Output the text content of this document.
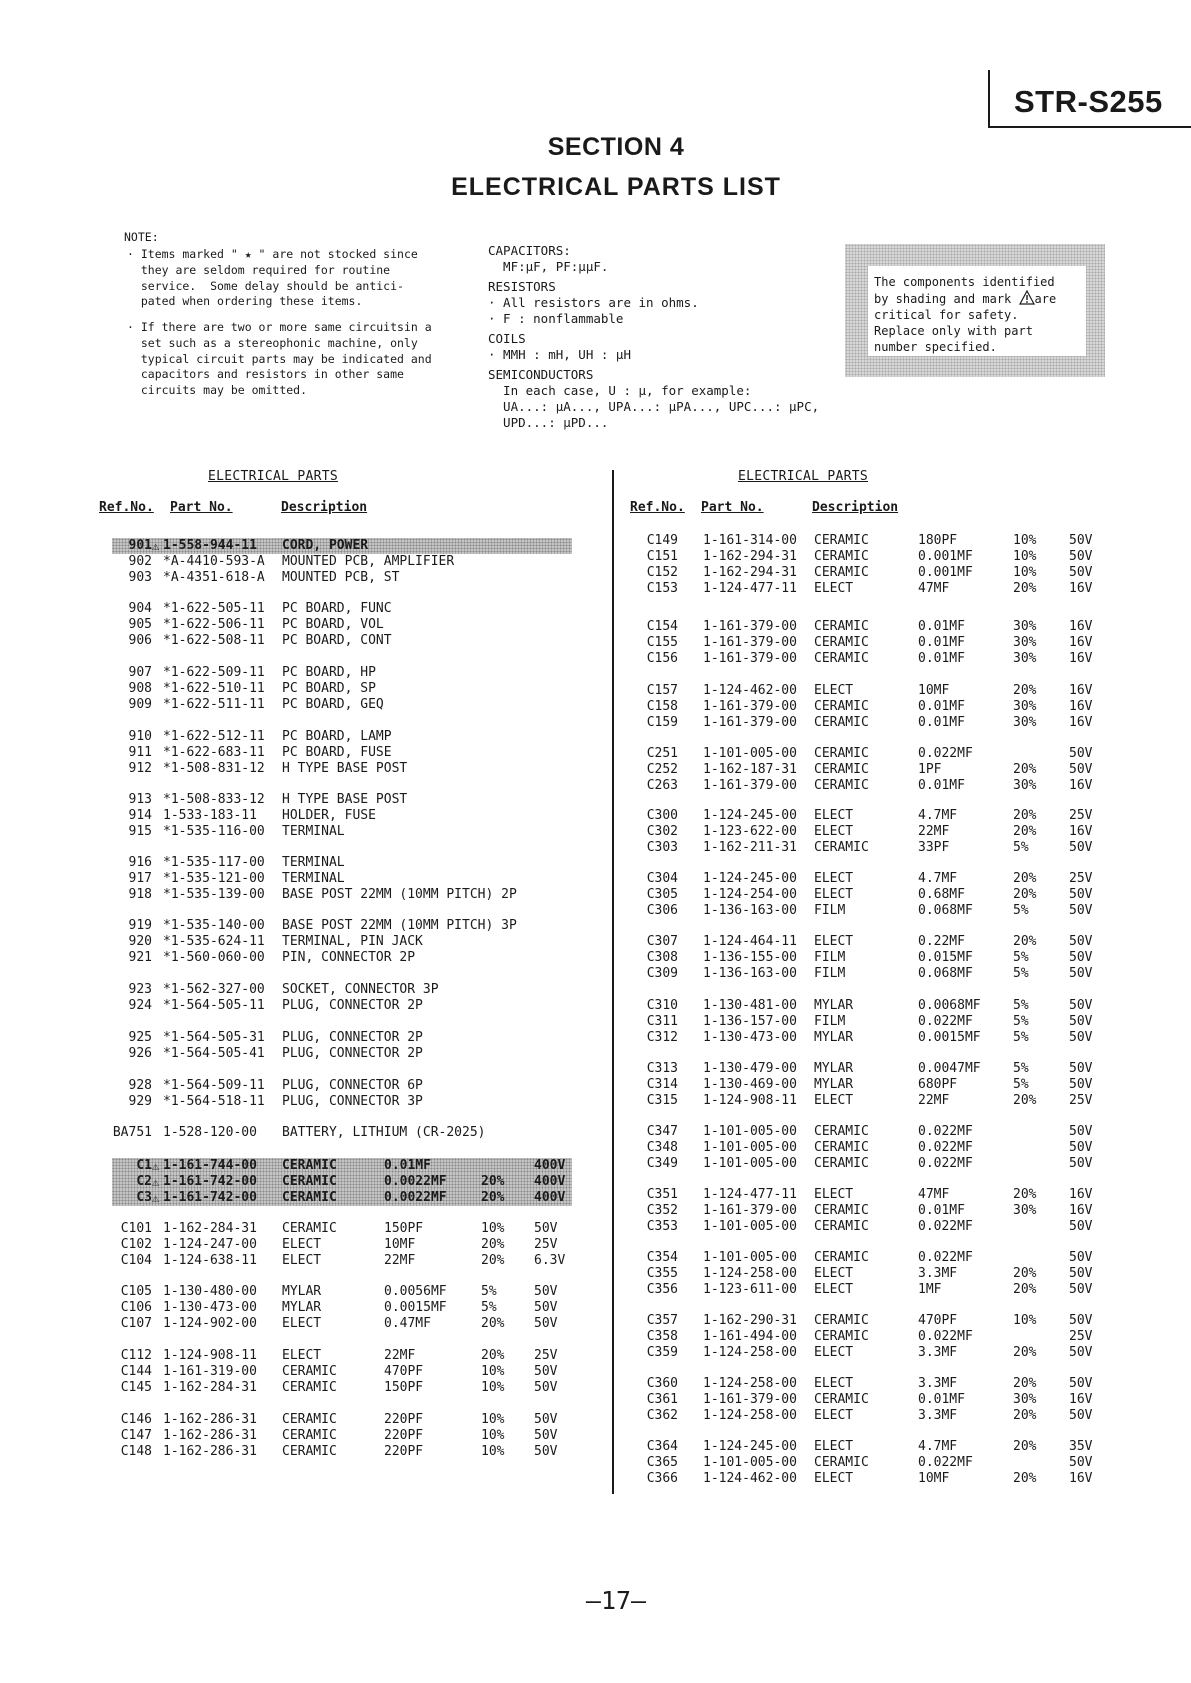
STR-S255
SECTION 4
ELECTRICAL PARTS LIST
NOTE:
· Items marked " ★ " are not stocked since
they are seldom required for routine
service.  Some delay should be antici-
pated when ordering these items.
· If there are two or more same circuitsin a
set such as a stereophonic machine, only
typical circuit parts may be indicated and
capacitors and resistors in other same
circuits may be omitted.
CAPACITORS:
MF:µF, PF:µµF.
RESISTORS
· All resistors are in ohms.
· F : nonflammable
COILS
· MMH : mH, UH : µH
SEMICONDUCTORS
In each case, U : µ, for example:
UA...: µA..., UPA...: µPA..., UPC...: µPC,
UPD...: µPD...
The components identified
by shading and mark are
critical for safety.
Replace only with part
number specified.
ELECTRICAL PARTS	ELECTRICAL PARTS
Ref.No. Part No.	Description	Ref.No. Part No.	Description
901 ⚠ 1-558-944-11 CORD, POWER
902 *A-4410-593-A MOUNTED PCB, AMPLIFIER
903 *A-4351-618-A MOUNTED PCB, ST
904 *1-622-505-11 PC BOARD, FUNC
905 *1-622-506-11 PC BOARD, VOL
906 *1-622-508-11 PC BOARD, CONT
907 *1-622-509-11 PC BOARD, HP
908 *1-622-510-11 PC BOARD, SP
909 *1-622-511-11 PC BOARD, GEQ
910 *1-622-512-11 PC BOARD, LAMP
911 *1-622-683-11 PC BOARD, FUSE
912 *1-508-831-12 H TYPE BASE POST
913 *1-508-833-12 H TYPE BASE POST
914 1-533-183-11 HOLDER, FUSE
915 *1-535-116-00 TERMINAL
916 *1-535-117-00 TERMINAL
917 *1-535-121-00 TERMINAL
918 *1-535-139-00 BASE POST 22MM (10MM PITCH) 2P
919 *1-535-140-00 BASE POST 22MM (10MM PITCH) 3P
920 *1-535-624-11 TERMINAL, PIN JACK
921 *1-560-060-00 PIN, CONNECTOR 2P
923 *1-562-327-00 SOCKET, CONNECTOR 3P
924 *1-564-505-11 PLUG, CONNECTOR 2P
925 *1-564-505-31 PLUG, CONNECTOR 2P
926 *1-564-505-41 PLUG, CONNECTOR 2P
928 *1-564-509-11 PLUG, CONNECTOR 6P
929 *1-564-518-11 PLUG, CONNECTOR 3P
BA751 1-528-120-00 BATTERY, LITHIUM (CR-2025)
C1 ⚠ 1-161-744-00 CERAMIC	0.01MF	400V
C2 ⚠ 1-161-742-00 CERAMIC	0.0022MF	20% 400V
C3 ⚠ 1-161-742-00 CERAMIC	0.0022MF	20% 400V
C101 1-162-284-31 CERAMIC	150PF	10% 50V
C102 1-124-247-00 ELECT	10MF	20% 25V
C104 1-124-638-11 ELECT	22MF	20% 6.3V
C105 1-130-480-00 MYLAR	0.0056MF	5%	50V
C106 1-130-473-00 MYLAR	0.0015MF	5%	50V
C107 1-124-902-00 ELECT	0.47MF	20% 50V
C112 1-124-908-11 ELECT	22MF	20% 25V
C144 1-161-319-00 CERAMIC	470PF	10% 50V
C145 1-162-284-31 CERAMIC	150PF	10% 50V
C146 1-162-286-31 CERAMIC	220PF	10% 50V
C147 1-162-286-31 CERAMIC	220PF	10% 50V
C148 1-162-286-31 CERAMIC	220PF	10% 50V
C149 1-161-314-00 CERAMIC	180PF	10%	50V
C151 1-162-294-31 CERAMIC	0.001MF	10%	50V
C152 1-162-294-31 CERAMIC	0.001MF	10%	50V
C153 1-124-477-11 ELECT	47MF	20%	16V
C154 1-161-379-00 CERAMIC	0.01MF	30%	16V
C155 1-161-379-00 CERAMIC	0.01MF	30%	16V
C156 1-161-379-00 CERAMIC	0.01MF	30%	16V
C157 1-124-462-00 ELECT	10MF	20%	16V
C158 1-161-379-00 CERAMIC	0.01MF	30%	16V
C159 1-161-379-00 CERAMIC	0.01MF	30%	16V
C251 1-101-005-00 CERAMIC	0.022MF	50V
C252 1-162-187-31 CERAMIC	1PF	20%	50V
C263 1-161-379-00 CERAMIC	0.01MF	30%	16V
C300 1-124-245-00 ELECT	4.7MF	20%	25V
C302 1-123-622-00 ELECT	22MF	20%	16V
C303 1-162-211-31 CERAMIC	33PF	5%	50V
C304 1-124-245-00 ELECT	4.7MF	20%	25V
C305 1-124-254-00 ELECT	0.68MF	20%	50V
C306 1-136-163-00 FILM	0.068MF	5%	50V
C307 1-124-464-11 ELECT	0.22MF	20%	50V
C308 1-136-155-00 FILM	0.015MF	5%	50V
C309 1-136-163-00 FILM	0.068MF	5%	50V
C310 1-130-481-00 MYLAR	0.0068MF 5%	50V
C311 1-136-157-00 FILM	0.022MF	5%	50V
C312 1-130-473-00 MYLAR	0.0015MF 5%	50V
C313 1-130-479-00 MYLAR	0.0047MF 5%	50V
C314 1-130-469-00 MYLAR	680PF	5%	50V
C315 1-124-908-11 ELECT	22MF	20%	25V
C347 1-101-005-00 CERAMIC	0.022MF	50V
C348 1-101-005-00 CERAMIC	0.022MF	50V
C349 1-101-005-00 CERAMIC	0.022MF	50V
C351 1-124-477-11 ELECT	47MF	20%	16V
C352 1-161-379-00 CERAMIC	0.01MF	30%	16V
C353 1-101-005-00 CERAMIC	0.022MF	50V
C354 1-101-005-00 CERAMIC	0.022MF	50V
C355 1-124-258-00 ELECT	3.3MF	20%	50V
C356 1-123-611-00 ELECT	1MF	20%	50V
C357 1-162-290-31 CERAMIC	470PF	10%	50V
C358 1-161-494-00 CERAMIC	0.022MF	25V
C359 1-124-258-00 ELECT	3.3MF	20%	50V
C360 1-124-258-00 ELECT	3.3MF	20%	50V
C361 1-161-379-00 CERAMIC	0.01MF	30%	16V
C362 1-124-258-00 ELECT	3.3MF	20%	50V
C364 1-124-245-00 ELECT	4.7MF	20%	35V
C365 1-101-005-00 CERAMIC	0.022MF	50V
C366 1-124-462-00 ELECT	10MF	20%	16V
—17—
